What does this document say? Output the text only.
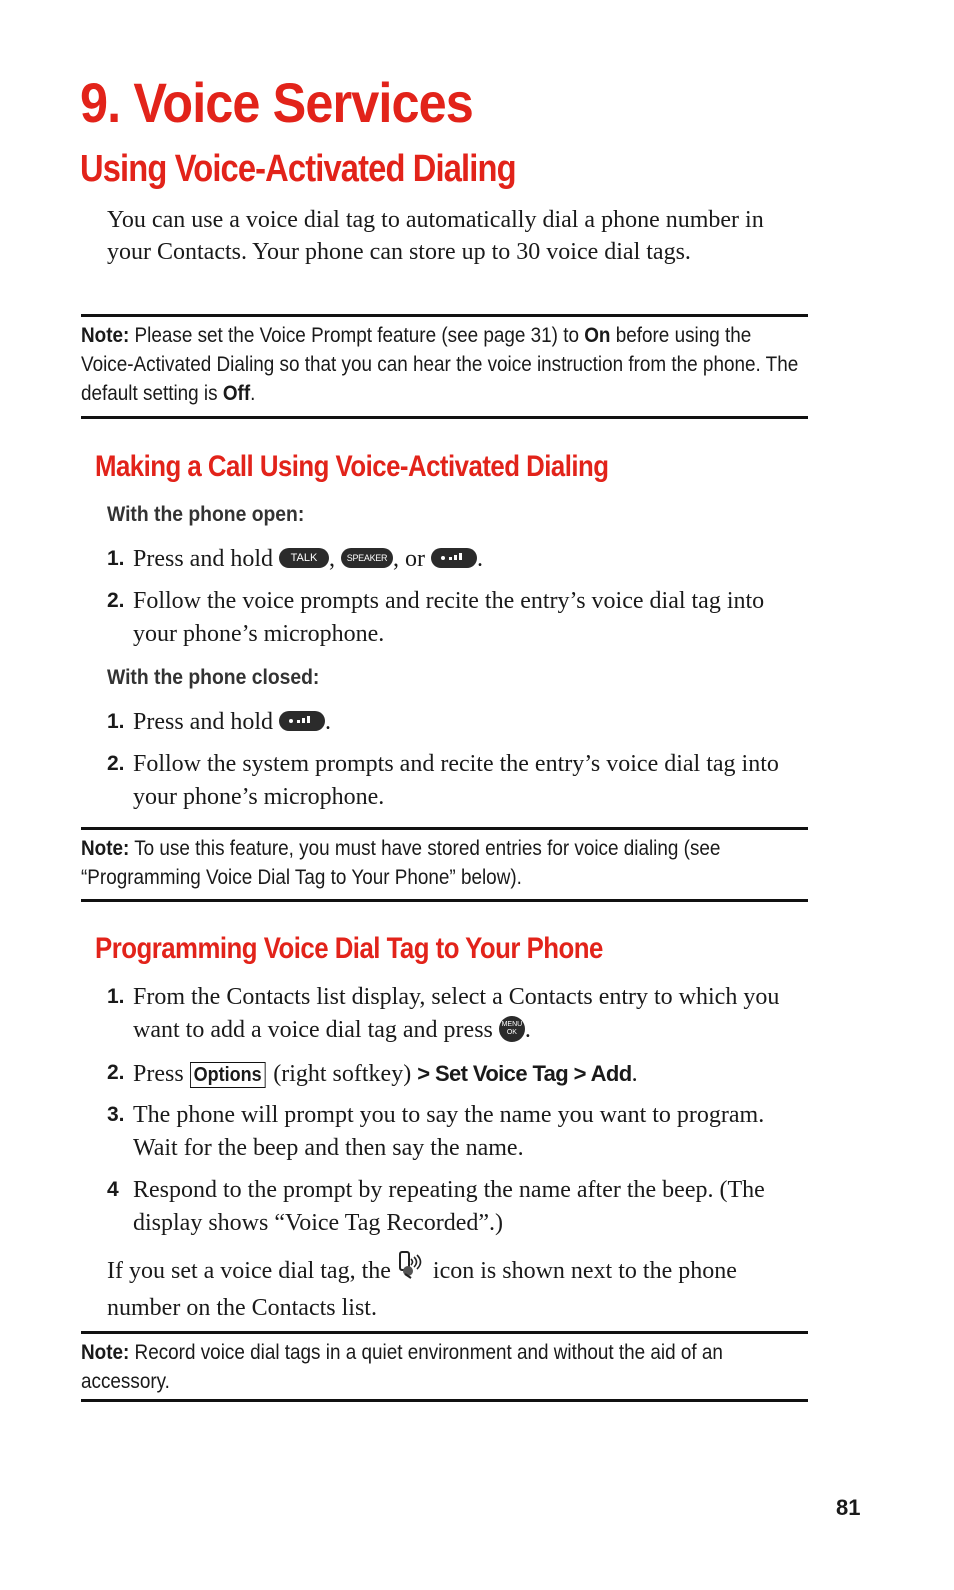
9. Voice Services
Using Voice-Activated Dialing

You can use a voice dial tag to automatically dial a phone number in your Contacts. Your phone can store up to 30 voice dial tags.

Note: Please set the Voice Prompt feature (see page 31) to On before using the Voice-Activated Dialing so that you can hear the voice instruction from the phone. The default setting is Off.
Making a Call Using Voice-Activated Dialing

With the phone open:

1. Press and hold TALK , SPEAKER , or
.
2. Follow the voice prompts and recite the entry’s voice dial tag into your phone’s microphone.

With the phone closed:

1. Press and hold
.
2. Follow the system prompts and recite the entry’s voice dial tag into your phone’s microphone.
Note: To use this feature, you must have stored entries for voice dialing (see “Programming Voice Dial Tag to Your Phone” below).
Programming Voice Dial Tag to Your Phone
1. From the Contacts list display, select a Contacts entry to which you want to add a voice dial tag and press MENU
OK .
2. Press Options (right softkey) > Set Voice Tag > Add.
3. The phone will prompt you to say the name you want to program. Wait for the beep and then say the name.
4 Respond to the prompt by repeating the name after the beep. (The display shows “Voice Tag Recorded”.)

If you set a voice dial tag, the  icon is shown next to the phone number on the Contacts list.

Note: Record voice dial tags in a quiet environment and without the aid of an accessory.

81
